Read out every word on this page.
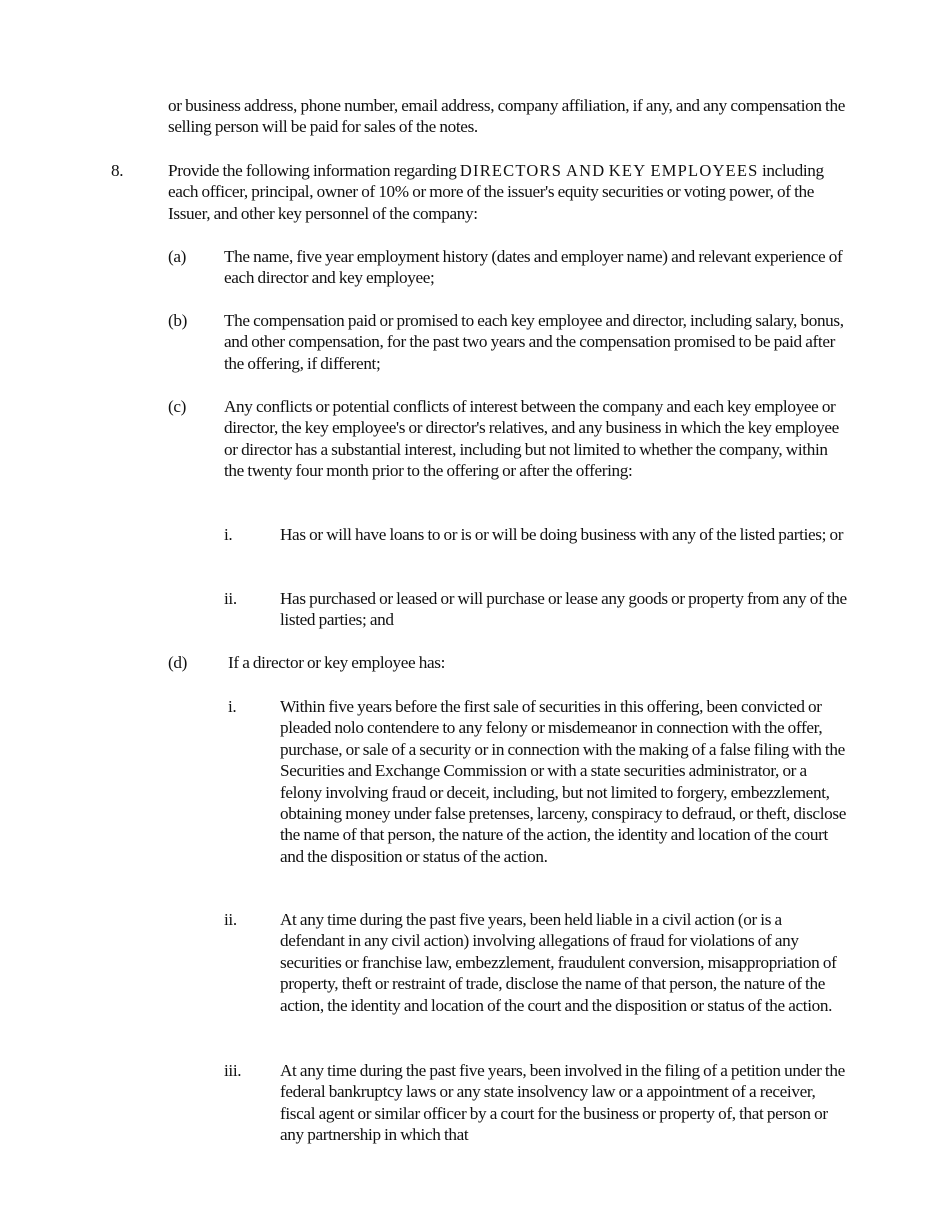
or business address, phone number, email address, company affiliation, if any, and any compensation the selling person will be paid for sales of the notes.

8.	Provide the following information regarding DIRECTORS AND KEY EMPLOYEES including each officer, principal, owner of 10% or more of the issuer's equity securities or voting power, of the Issuer, and other key personnel of the company:

(a) The name, five year employment history (dates and employer name) and relevant experience of each director and key employee;

(b) The compensation paid or promised to each key employee and director, including salary, bonus, and other compensation, for the past two years and the compensation promised to be paid after the offering, if different;

(c) Any conflicts or potential conflicts of interest between the company and each key employee or director, the key employee's or director's relatives, and any business in which the key employee or director has a substantial interest, including but not limited to whether the company, within the twenty four month prior to the offering or after the offering:

i.	Has or will have loans to or is or will be doing business with any of the listed parties; or

ii.	Has purchased or leased or will purchase or lease any goods or property from any of the listed parties; and

(d) If a director or key employee has:

i.	Within five years before the first sale of securities in this offering, been convicted or pleaded nolo contendere to any felony or misdemeanor in connection with the offer, purchase, or sale of a security or in connection with the making of a false filing with the Securities and Exchange Commission or with a state securities administrator, or a felony involving fraud or deceit, including, but not limited to forgery, embezzlement, obtaining money under false pretenses, larceny, conspiracy to defraud, or theft, disclose the name of that person, the nature of the action, the identity and location of the court and the disposition or status of the action.

ii.	At any time during the past five years, been held liable in a civil action (or is a defendant in any civil action) involving allegations of fraud for violations of any securities or franchise law, embezzlement, fraudulent conversion, misappropriation of property, theft or restraint of trade, disclose the name of that person, the nature of the action, the identity and location of the court and the disposition or status of the action.

iii. At any time during the past five years, been involved in the filing of a petition under the federal bankruptcy laws or any state insolvency law or a appointment of a receiver, fiscal agent or similar officer by a court for the business or property of, that person or any partnership in which that
